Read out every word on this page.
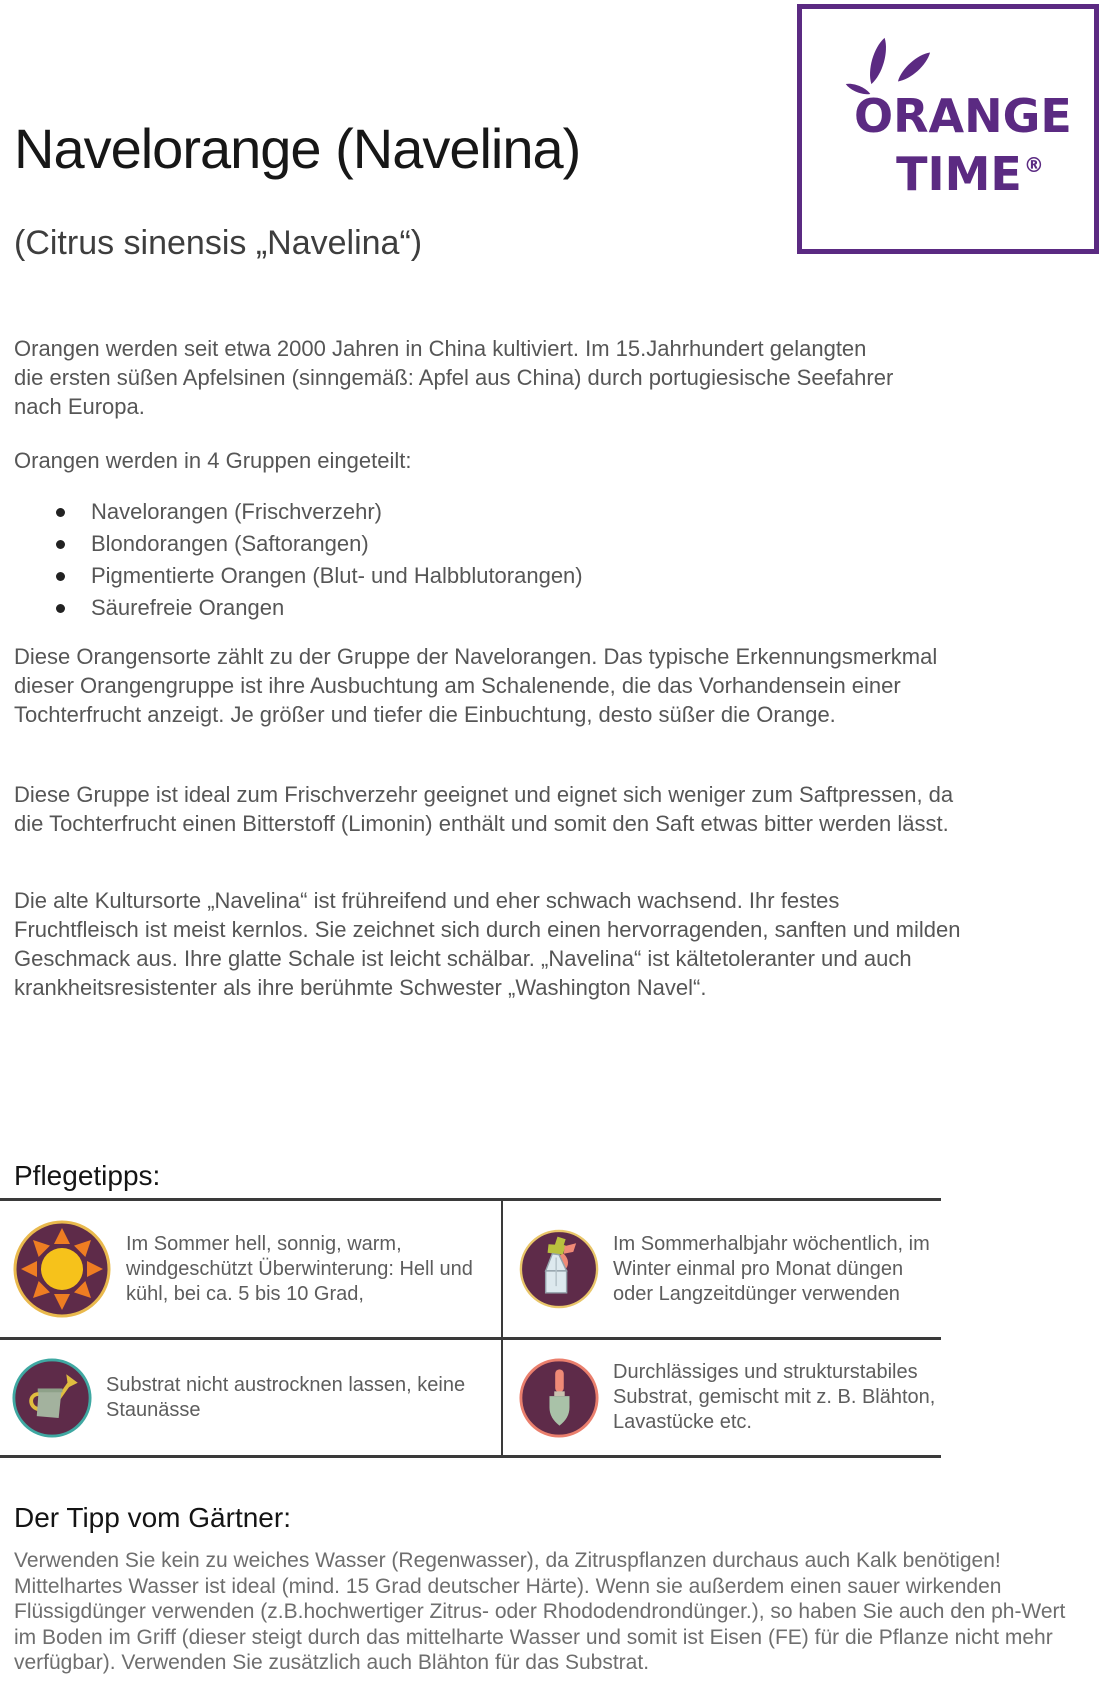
ORANGE
TIME ®
Navelorange (Navelina)
(Citrus sinensis „Navelina“)
Orangen werden seit etwa 2000 Jahren in China kultiviert. Im 15.Jahrhundert gelangten die ersten süßen Apfelsinen (sinngemäß: Apfel aus China) durch portugiesische Seefahrer nach Europa.
Orangen werden in 4 Gruppen eingeteilt:
Navelorangen (Frischverzehr)
Blondorangen (Saftorangen)
Pigmentierte Orangen (Blut- und Halbblutorangen)
Säurefreie Orangen
Diese Orangensorte zählt zu der Gruppe der Navelorangen. Das typische Erkennungsmerkmal dieser Orangengruppe ist ihre Ausbuchtung am Schalenende, die das Vorhandensein einer Tochterfrucht anzeigt. Je größer und tiefer die Einbuchtung, desto süßer die Orange.
Diese Gruppe ist ideal zum Frischverzehr geeignet und eignet sich weniger zum Saftpressen, da die Tochterfrucht einen Bitterstoff (Limonin) enthält und somit den Saft etwas bitter werden lässt.
Die alte Kultursorte „Navelina“ ist frühreifend und eher schwach wachsend. Ihr festes Fruchtfleisch ist meist kernlos. Sie zeichnet sich durch einen hervorragenden, sanften und milden Geschmack aus. Ihre glatte Schale ist leicht schälbar. „Navelina“ ist kältetoleranter und auch krankheitsresistenter als ihre berühmte Schwester „Washington Navel“.
Pflegetipps:
Im Sommer hell, sonnig, warm, windgeschützt Überwinterung: Hell und kühl, bei ca. 5 bis 10 Grad,
Im Sommerhalbjahr wöchentlich, im Winter einmal pro Monat düngen oder Langzeitdünger verwenden
Substrat nicht austrocknen lassen, keine Staunässe
Durchlässiges und strukturstabiles Substrat, gemischt mit z. B. Blähton, Lavastücke etc.
Der Tipp vom Gärtner:
Verwenden Sie kein zu weiches Wasser (Regenwasser), da Zitruspflanzen durchaus auch Kalk benötigen! Mittelhartes Wasser ist ideal (mind. 15 Grad deutscher Härte). Wenn sie außerdem einen sauer wirkenden Flüssigdünger verwenden (z.B.hochwertiger Zitrus- oder Rhododendrondünger.), so haben Sie auch den ph-Wert im Boden im Griff (dieser steigt durch das mittelharte Wasser und somit ist Eisen (FE) für die Pflanze nicht mehr verfügbar). Verwenden Sie zusätzlich auch Blähton für das Substrat.
